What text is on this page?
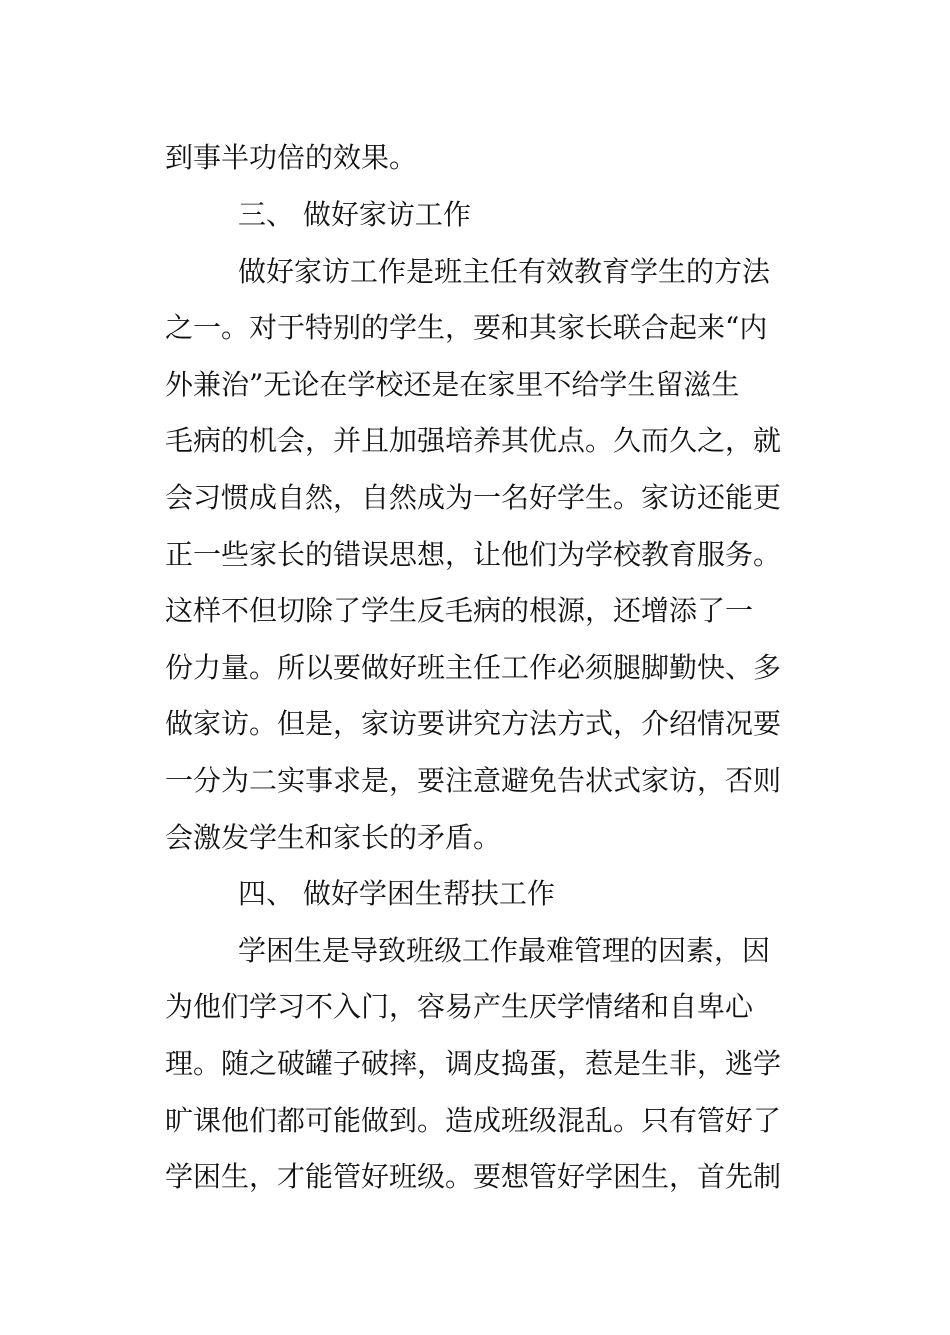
到事半功倍的效果。
三、 做好家访工作
做好家访工作是班主任有效教育学生的方法
之一。对于特别的学生，要和其家长联合起来“内
外兼治”无论在学校还是在家里不给学生留滋生
毛病的机会，并且加强培养其优点。久而久之，就
会习惯成自然，自然成为一名好学生。家访还能更
正一些家长的错误思想，让他们为学校教育服务。
这样不但切除了学生反毛病的根源，还增添了一
份力量。所以要做好班主任工作必须腿脚勤快、多
做家访。但是，家访要讲究方法方式，介绍情况要
一分为二实事求是，要注意避免告状式家访，否则
会激发学生和家长的矛盾。
四、 做好学困生帮扶工作
学困生是导致班级工作最难管理的因素，因
为他们学习不入门，容易产生厌学情绪和自卑心
理。随之破罐子破摔，调皮捣蛋，惹是生非，逃学
旷课他们都可能做到。造成班级混乱。只有管好了
学困生，才能管好班级。要想管好学困生，首先制
